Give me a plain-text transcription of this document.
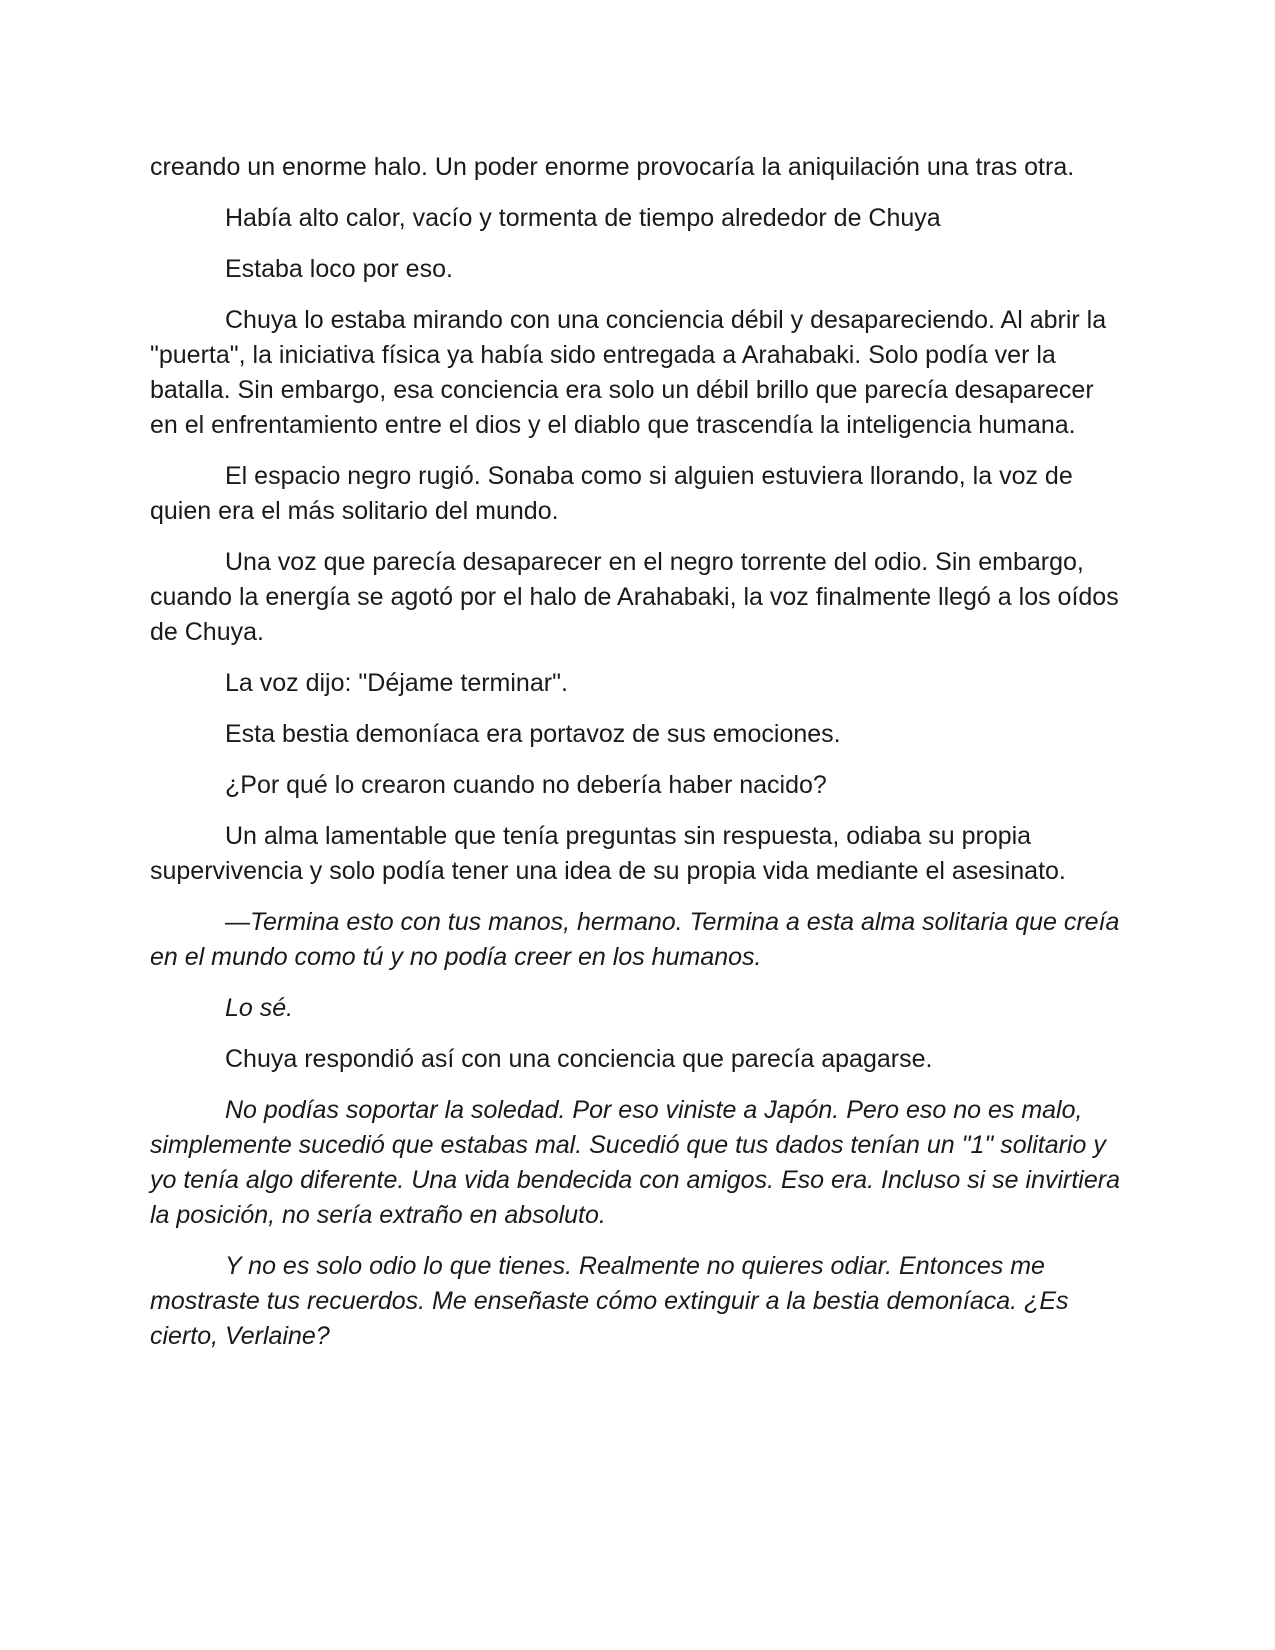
creando un enorme halo. Un poder enorme provocaría la aniquilación una tras otra.

Había alto calor, vacío y tormenta de tiempo alrededor de Chuya

Estaba loco por eso.

Chuya lo estaba mirando con una conciencia débil y desapareciendo. Al abrir la "puerta", la iniciativa física ya había sido entregada a Arahabaki. Solo podía ver la batalla. Sin embargo, esa conciencia era solo un débil brillo que parecía desaparecer en el enfrentamiento entre el dios y el diablo que trascendía la inteligencia humana.

El espacio negro rugió. Sonaba como si alguien estuviera llorando, la voz de quien era el más solitario del mundo.

Una voz que parecía desaparecer en el negro torrente del odio. Sin embargo, cuando la energía se agotó por el halo de Arahabaki, la voz finalmente llegó a los oídos de Chuya.

La voz dijo: "Déjame terminar".

Esta bestia demoníaca era portavoz de sus emociones.

¿Por qué lo crearon cuando no debería haber nacido?

Un alma lamentable que tenía preguntas sin respuesta, odiaba su propia supervivencia y solo podía tener una idea de su propia vida mediante el asesinato.

—Termina esto con tus manos, hermano. Termina a esta alma solitaria que creía en el mundo como tú y no podía creer en los humanos.

Lo sé.

Chuya respondió así con una conciencia que parecía apagarse.

No podías soportar la soledad. Por eso viniste a Japón. Pero eso no es malo, simplemente sucedió que estabas mal. Sucedió que tus dados tenían un "1" solitario y yo tenía algo diferente. Una vida bendecida con amigos. Eso era. Incluso si se invirtiera la posición, no sería extraño en absoluto.

Y no es solo odio lo que tienes. Realmente no quieres odiar. Entonces me mostraste tus recuerdos. Me enseñaste cómo extinguir a la bestia demoníaca. ¿Es cierto, Verlaine?
